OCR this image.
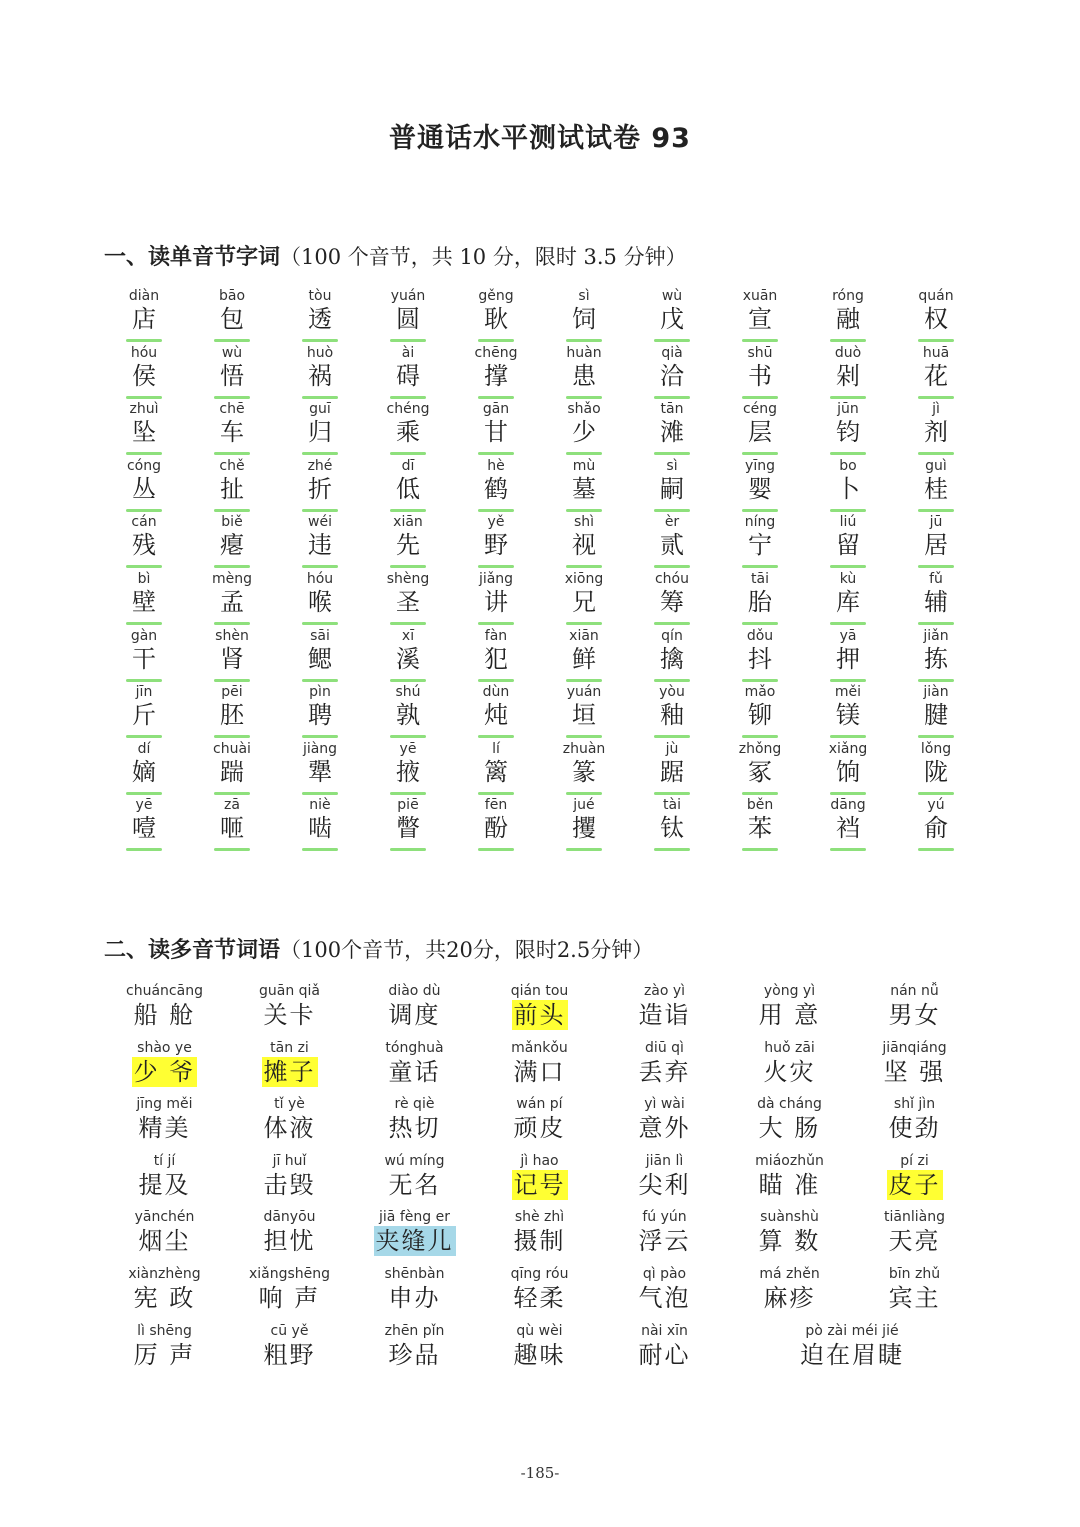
普通话水平测试试卷 93
一、读单音节字词（100 个音节，共 10 分，限时 3.5 分钟）
diàn
店
bāo
包
tòu
透
yuán
圆
gěng
耿
sì
饲
wù
戊
xuān
宣
róng
融
quán
权
hóu
侯
wù
悟
huò
祸
ài
碍
chēng
撑
huàn
患
qià
洽
shū
书
duò
剁
huā
花
zhuì
坠
chē
车
guī
归
chéng
乘
gān
甘
shǎo
少
tān
滩
céng
层
jūn
钧
jì
剂
cóng
丛
chě
扯
zhé
折
dī
低
hè
鹤
mù
墓
sì
嗣
yīng
婴
bo
卜
guì
桂
cán
残
biě
瘪
wéi
违
xiān
先
yě
野
shì
视
èr
贰
níng
宁
liú
留
jū
居
bì
壁
mèng
孟
hóu
喉
shèng
圣
jiǎng
讲
xiōng
兄
chóu
筹
tāi
胎
kù
库
fǔ
辅
gàn
干
shèn
肾
sāi
鳃
xī
溪
fàn
犯
xiān
鲜
qín
擒
dǒu
抖
yā
押
jiǎn
拣
jīn
斤
pēi
胚
pìn
聘
shú
孰
dùn
炖
yuán
垣
yòu
釉
mǎo
铆
měi
镁
jiàn
腱
dí
嫡
chuài
踹
jiàng
犟
yē
掖
lí
篱
zhuàn
篆
jù
踞
zhǒng
冢
xiǎng
饷
lǒng
陇
yē
噎
zā
咂
niè
啮
piē
瞥
fēn
酚
jué
攫
tài
钛
běn
苯
dāng
裆
yú
俞
二、读多音节词语（100个音节，共20分，限时2.5分钟）
chuáncāng
船 舱
guān qiǎ
关卡
diào dù
调度
qián tou
前头
zào yì
造诣
yòng yì
用 意
nán nǚ
男女
shào ye
少 爷
tān zi
摊子
tónghuà
童话
mǎnkǒu
满口
diū qì
丢弃
huǒ zāi
火灾
jiānqiáng
坚 强
jīng měi
精美
tǐ yè
体液
rè qiè
热切
wán pí
顽皮
yì wài
意外
dà cháng
大 肠
shǐ jìn
使劲
tí jí
提及
jī huǐ
击毁
wú míng
无名
jì hao
记号
jiān lì
尖利
miáozhǔn
瞄 准
pí zi
皮子
yānchén
烟尘
dānyōu
担忧
jiā fèng er
夹缝儿
shè zhì
摄制
fú yún
浮云
suànshù
算 数
tiānliàng
天亮
xiànzhèng
宪 政
xiǎngshēng
响 声
shēnbàn
申办
qīng róu
轻柔
qì pào
气泡
má zhěn
麻疹
bīn zhǔ
宾主
lì shēng
厉 声
cū yě
粗野
zhēn pǐn
珍品
qù wèi
趣味
nài xīn
耐心
pò zài méi jié
迫在眉睫
-185-
